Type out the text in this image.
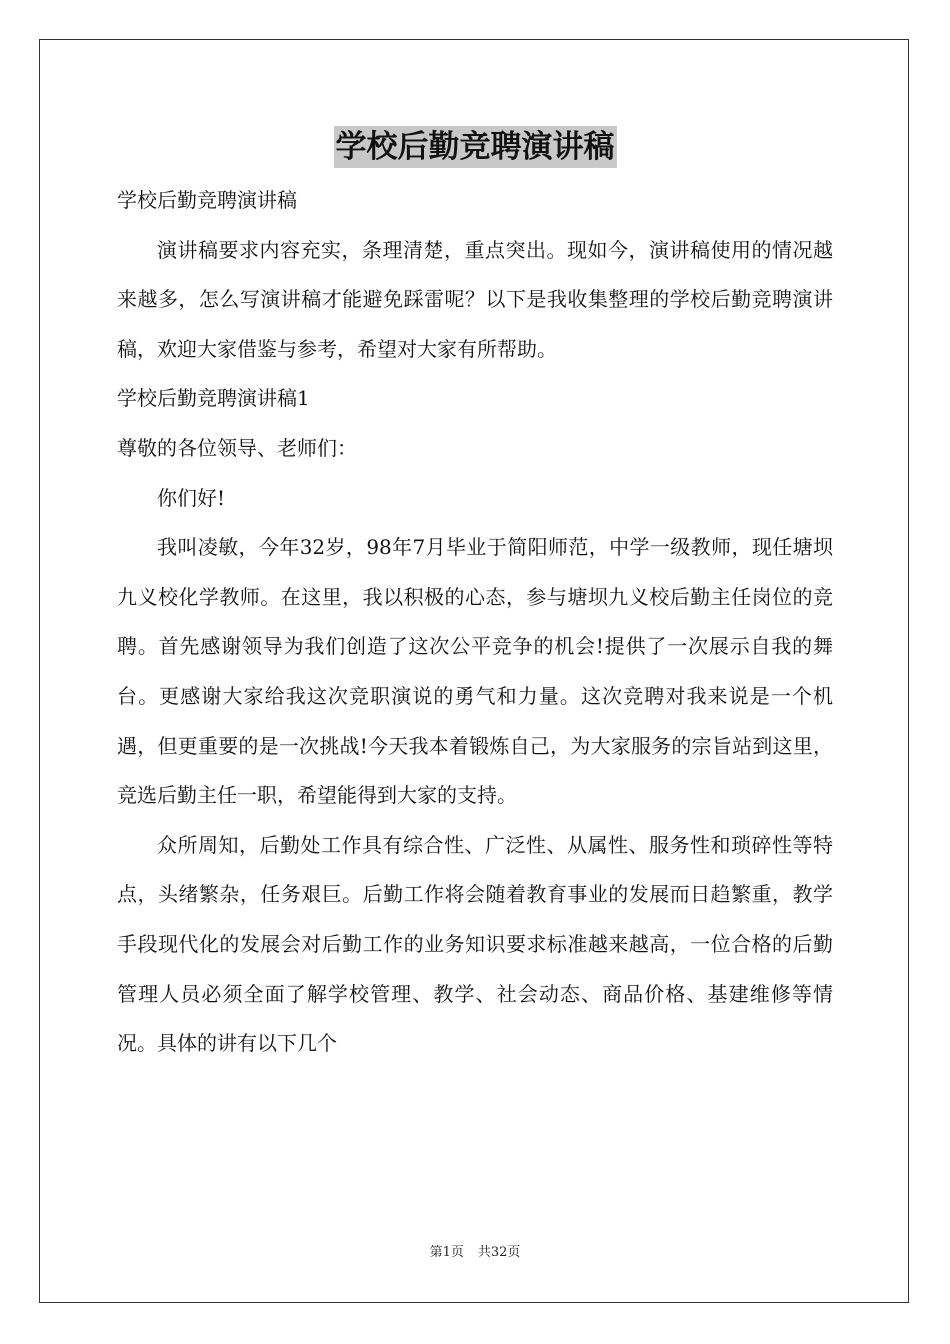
学校后勤竞聘演讲稿

学校后勤竞聘演讲稿

演讲稿要求内容充实，条理清楚，重点突出。现如今，演讲稿使用的情况越来越多，怎么写演讲稿才能避免踩雷呢？以下是我收集整理的学校后勤竞聘演讲稿，欢迎大家借鉴与参考，希望对大家有所帮助。

学校后勤竞聘演讲稿1

尊敬的各位领导、老师们：

你们好!

我叫凌敏，今年32岁，98年7月毕业于简阳师范，中学一级教师，现任塘坝九义校化学教师。在这里，我以积极的心态，参与塘坝九义校后勤主任岗位的竞聘。首先感谢领导为我们创造了这次公平竞争的机会!提供了一次展示自我的舞台。更感谢大家给我这次竞职演说的勇气和力量。这次竞聘对我来说是一个机遇，但更重要的是一次挑战!今天我本着锻炼自己，为大家服务的宗旨站到这里，竞选后勤主任一职，希望能得到大家的支持。

众所周知，后勤处工作具有综合性、广泛性、从属性、服务性和琐碎性等特点，头绪繁杂，任务艰巨。后勤工作将会随着教育事业的发展而日趋繁重，教学手段现代化的发展会对后勤工作的业务知识要求标准越来越高，一位合格的后勤管理人员必须全面了解学校管理、教学、社会动态、商品价格、基建维修等情况。具体的讲有以下几个

第1页 共32页
